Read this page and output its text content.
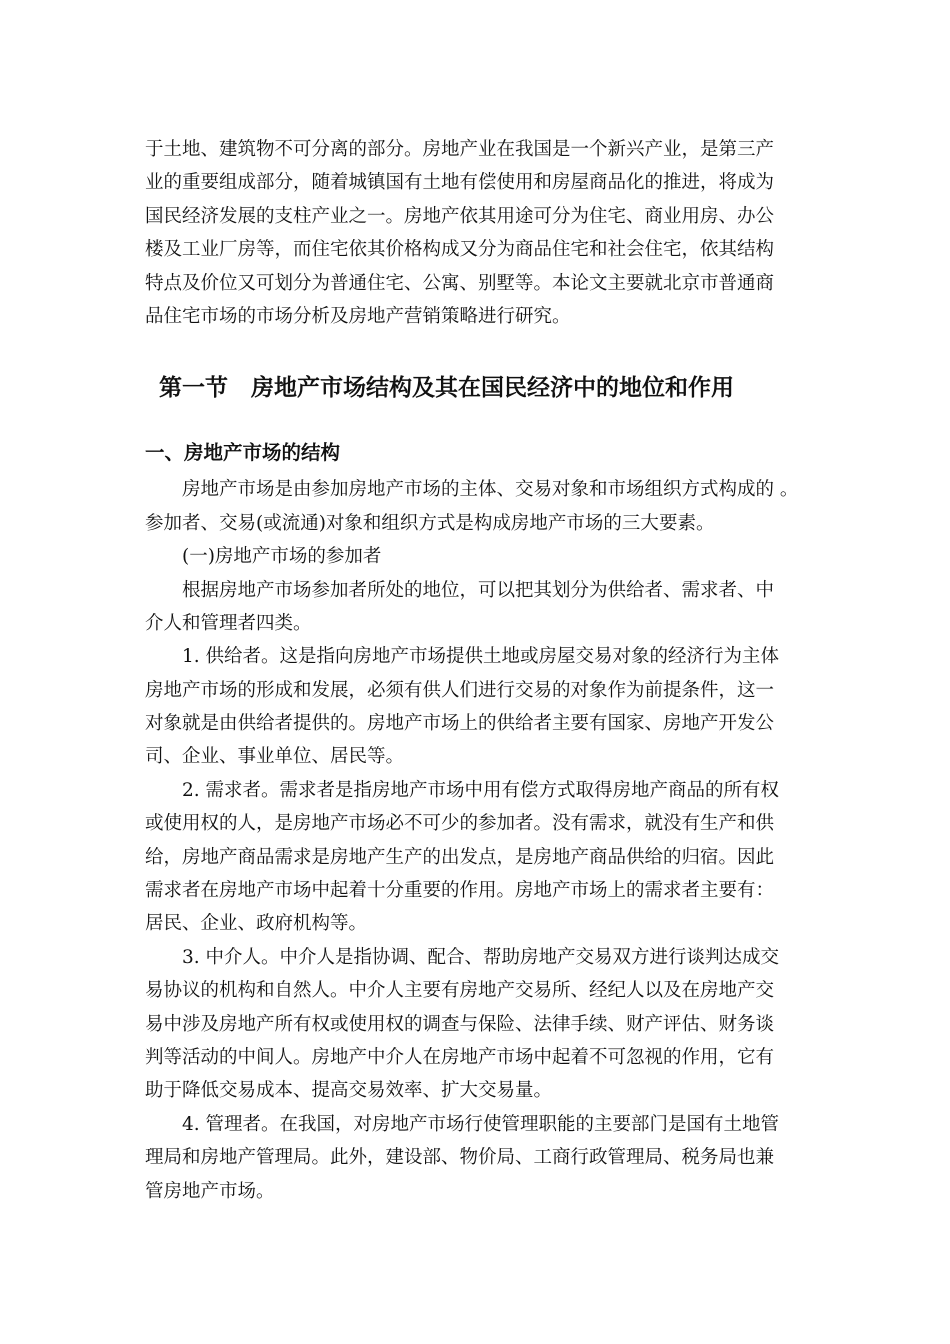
于土地、建筑物不可分离的部分。房地产业在我国是一个新兴产业，是第三产
业的重要组成部分，随着城镇国有土地有偿使用和房屋商品化的推进，将成为
国民经济发展的支柱产业之一。房地产依其用途可分为住宅、商业用房、办公
楼及工业厂房等，而住宅依其价格构成又分为商品住宅和社会住宅，依其结构
特点及价位又可划分为普通住宅、公寓、别墅等。本论文主要就北京市普通商
品住宅市场的市场分析及房地产营销策略进行研究。
第一节　房地产市场结构及其在国民经济中的地位和作用
一、房地产市场的结构
房地产市场是由参加房地产市场的主体、交易对象和市场组织方式构成的 。
参加者、交易(或流通)对象和组织方式是构成房地产市场的三大要素。
(一)房地产市场的参加者
根据房地产市场参加者所处的地位，可以把其划分为供给者、需求者、中
介人和管理者四类。
1. 供给者。这是指向房地产市场提供土地或房屋交易对象的经济行为主体
房地产市场的形成和发展，必须有供人们进行交易的对象作为前提条件，这一
对象就是由供给者提供的。房地产市场上的供给者主要有国家、房地产开发公
司、企业、事业单位、居民等。
2. 需求者。需求者是指房地产市场中用有偿方式取得房地产商品的所有权
或使用权的人，是房地产市场必不可少的参加者。没有需求，就没有生产和供
给，房地产商品需求是房地产生产的出发点，是房地产商品供给的归宿。因此
需求者在房地产市场中起着十分重要的作用。房地产市场上的需求者主要有：
居民、企业、政府机构等。
3. 中介人。中介人是指协调、配合、帮助房地产交易双方进行谈判达成交
易协议的机构和自然人。中介人主要有房地产交易所、经纪人以及在房地产交
易中涉及房地产所有权或使用权的调查与保险、法律手续、财产评估、财务谈
判等活动的中间人。房地产中介人在房地产市场中起着不可忽视的作用，它有
助于降低交易成本、提高交易效率、扩大交易量。
4. 管理者。在我国，对房地产市场行使管理职能的主要部门是国有土地管
理局和房地产管理局。此外，建设部、物价局、工商行政管理局、税务局也兼
管房地产市场。
